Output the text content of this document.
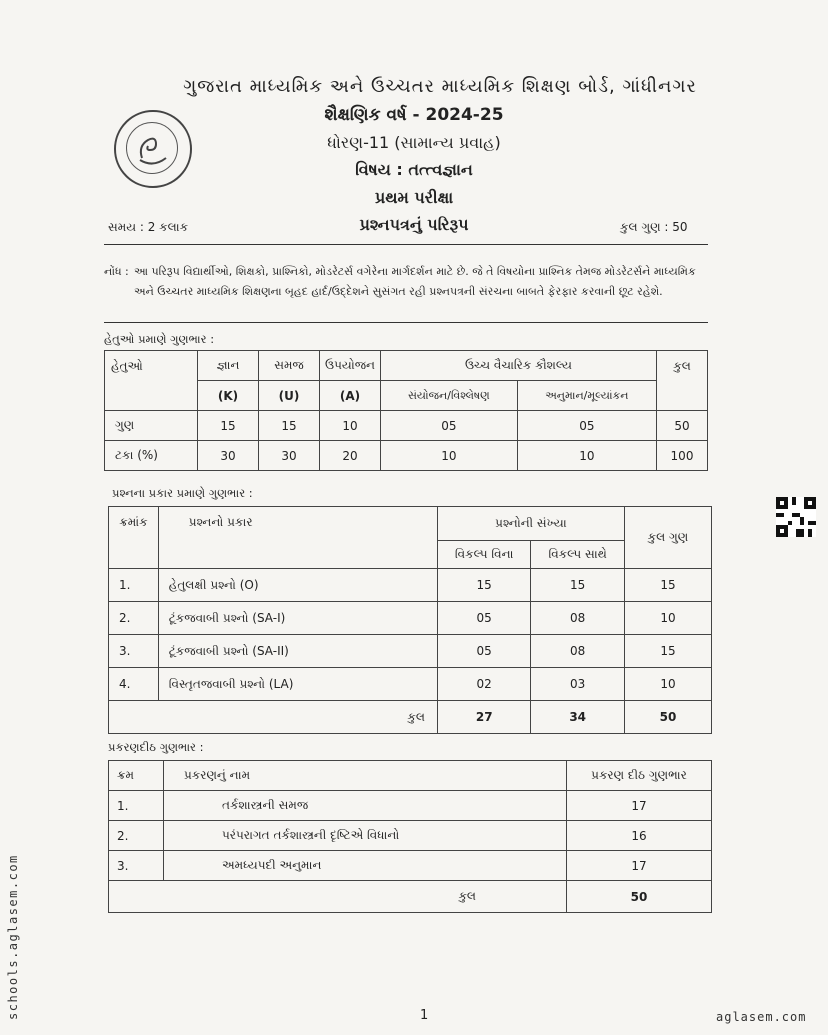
ગુજરાત માધ્યમિક અને ઉચ્ચતર માધ્યમિક શિક્ષણ બોર્ડ, ગાંધીનગર
શૈક્ષણિક વર્ષ - 2024-25
ધોરણ-11 (સામાન્ય પ્રવાહ)
વિષય : તત્ત્વજ્ઞાન
પ્રથમ પરીક્ષા
પ્રશ્નપત્રનું પરિરૂપ
સમય : 2 કલાક	કુલ ગુણ : 50
નોંધ : આ પરિરૂપ વિદ્યાર્થીઓ, શિક્ષકો, પ્રાશ્નિકો, મોડરેટર્સ વગેરેના માર્ગદર્શન માટે છે. જે તે વિષયોના પ્રાશ્નિક તેમજ મોડરેટર્સને માધ્યમિક અને ઉચ્ચતર માધ્યમિક શિક્ષણના બૃહદ હાર્દ/ઉદ્દેશને સુસંગત રહી પ્રશ્નપત્રની સંરચના બાબતે ફેરફાર કરવાની છૂટ રહેશે.
હેતુઓ પ્રમાણે ગુણભાર :
હેતુઓ	જ્ઞાન	સમજ	ઉપયોજન	ઉચ્ચ વૈચારિક કૌશલ્ય		કુલ
	(K)	(U)	(A)	સંયોજન/વિશ્લેષણ	અનુમાન/મૂલ્યાંકન	
ગુણ	15	15	10	05	05	50
ટકા (%)	30	30	20	10	10	100
પ્રશ્નના પ્રકાર પ્રમાણે ગુણભાર :
ક્રમાંક	પ્રશ્નનો પ્રકાર	પ્રશ્નોની સંખ્યા		કુલ ગુણ
		વિકલ્પ વિના	વિકલ્પ સાથે	
1.	હેતુલક્ષી પ્રશ્નો (O)	15	15	15
2.	ટૂંકજવાબી પ્રશ્નો (SA-I)	05	08	10
3.	ટૂંકજવાબી પ્રશ્નો (SA-II)	05	08	15
4.	વિસ્તૃતજવાબી પ્રશ્નો (LA)	02	03	10
કુલ		27	34	50
પ્રકરણદીઠ ગુણભાર :
ક્રમ	પ્રકરણનું નામ	પ્રકરણ દીઠ ગુણભાર
1.	તર્કશાસ્ત્રની સમજ	17
2.	પરંપરાગત તર્કશાસ્ત્રની દૃષ્ટિએ વિધાનો	16
3.	અમધ્યપદી અનુમાન	17
કુલ		50
schools.aglasem.com	1	aglasem.com
